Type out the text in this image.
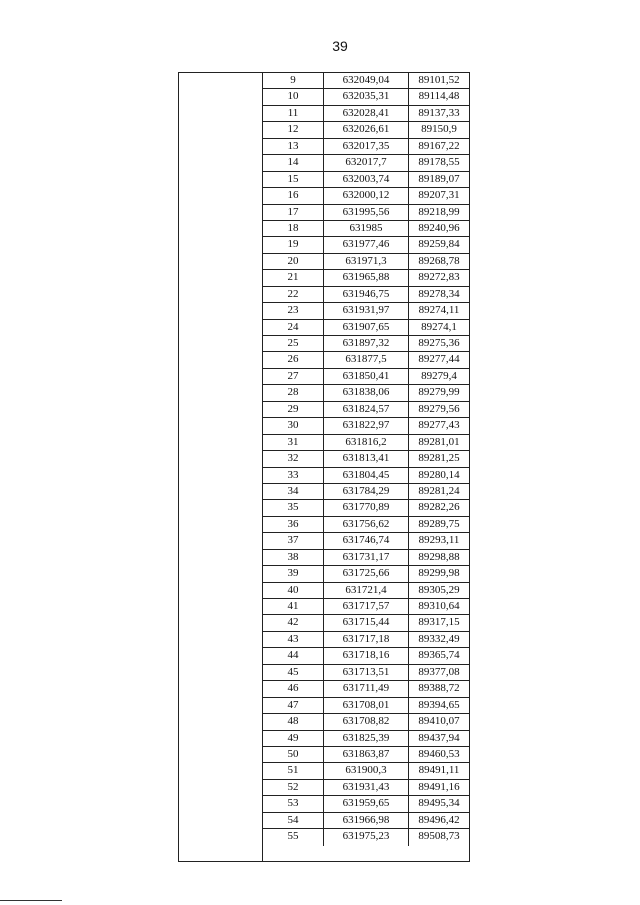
39
9	632049,04	89101,52
10	632035,31	89114,48
11	632028,41	89137,33
12	632026,61	89150,9
13	632017,35	89167,22
14	632017,7	89178,55
15	632003,74	89189,07
16	632000,12	89207,31
17	631995,56	89218,99
18	631985	89240,96
19	631977,46	89259,84
20	631971,3	89268,78
21	631965,88	89272,83
22	631946,75	89278,34
23	631931,97	89274,11
24	631907,65	89274,1
25	631897,32	89275,36
26	631877,5	89277,44
27	631850,41	89279,4
28	631838,06	89279,99
29	631824,57	89279,56
30	631822,97	89277,43
31	631816,2	89281,01
32	631813,41	89281,25
33	631804,45	89280,14
34	631784,29	89281,24
35	631770,89	89282,26
36	631756,62	89289,75
37	631746,74	89293,11
38	631731,17	89298,88
39	631725,66	89299,98
40	631721,4	89305,29
41	631717,57	89310,64
42	631715,44	89317,15
43	631717,18	89332,49
44	631718,16	89365,74
45	631713,51	89377,08
46	631711,49	89388,72
47	631708,01	89394,65
48	631708,82	89410,07
49	631825,39	89437,94
50	631863,87	89460,53
51	631900,3	89491,11
52	631931,43	89491,16
53	631959,65	89495,34
54	631966,98	89496,42
55	631975,23	89508,73
